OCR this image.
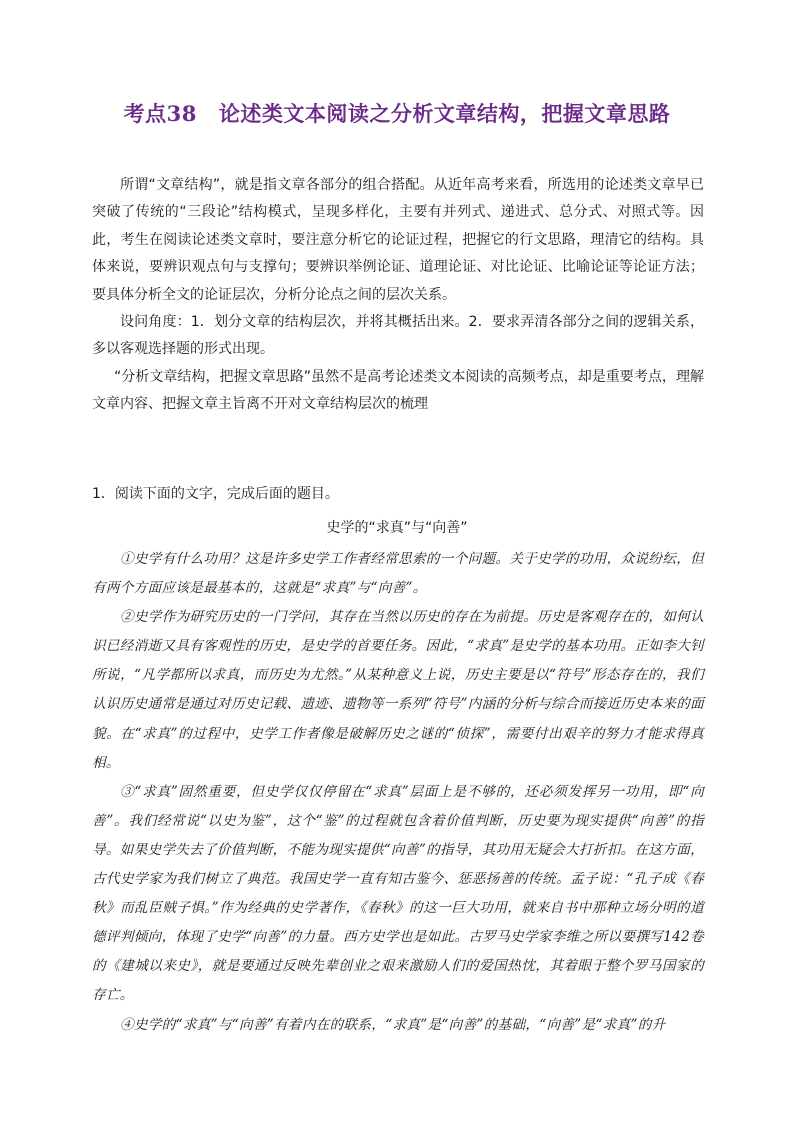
考点38 论述类文本阅读之分析文章结构，把握文章思路

所谓“文章结构”，就是指文章各部分的组合搭配。从近年高考来看，所选用的论述类文章早已突破了传统的“三段论”结构模式，呈现多样化，主要有并列式、递进式、总分式、对照式等。因此，考生在阅读论述类文章时，要注意分析它的论证过程，把握它的行文思路，理清它的结构。具体来说，要辨识观点句与支撑句；要辨识举例论证、道理论证、对比论证、比喻论证等论证方法；要具体分析全文的论证层次，分析分论点之间的层次关系。

设问角度：1．划分文章的结构层次，并将其概括出来。2．要求弄清各部分之间的逻辑关系，多以客观选择题的形式出现。

“分析文章结构，把握文章思路”虽然不是高考论述类文本阅读的高频考点，却是重要考点，理解文章内容、把握文章主旨离不开对文章结构层次的梳理

1．阅读下面的文字，完成后面的题目。
史学的“求真”与“向善”

①史学有什么功用？这是许多史学工作者经常思索的一个问题。关于史学的功用，众说纷纭，但有两个方面应该是最基本的，这就是“求真”与“向善”。

②史学作为研究历史的一门学问，其存在当然以历史的存在为前提。历史是客观存在的，如何认识已经消逝又具有客观性的历史，是史学的首要任务。因此，“求真”是史学的基本功用。正如李大钊所说，“凡学都所以求真，而历史为尤然。”从某种意义上说，历史主要是以“符号”形态存在的，我们认识历史通常是通过对历史记载、遗迹、遗物等一系列“符号”内涵的分析与综合而接近历史本来的面貌。在“求真”的过程中，史学工作者像是破解历史之谜的“侦探”，需要付出艰辛的努力才能求得真相。

③“求真”固然重要，但史学仅仅停留在“求真”层面上是不够的，还必须发挥另一功用，即“向善”。我们经常说“以史为鉴”，这个“鉴”的过程就包含着价值判断，历史要为现实提供“向善”的指导。如果史学失去了价值判断，不能为现实提供“向善”的指导，其功用无疑会大打折扣。在这方面，古代史学家为我们树立了典范。我国史学一直有知古鉴今、惩恶扬善的传统。孟子说：“孔子成《春秋》而乱臣贼子惧。”作为经典的史学著作，《春秋》的这一巨大功用，就来自书中那种立场分明的道德评判倾向，体现了史学“向善”的力量。西方史学也是如此。古罗马史学家李维之所以要撰写142卷的《建城以来史》，就是要通过反映先辈创业之艰来激励人们的爱国热忱，其着眼于整个罗马国家的存亡。

④史学的“求真”与“向善”有着内在的联系，“求真”是“向善”的基础，“向善”是“求真”的升
